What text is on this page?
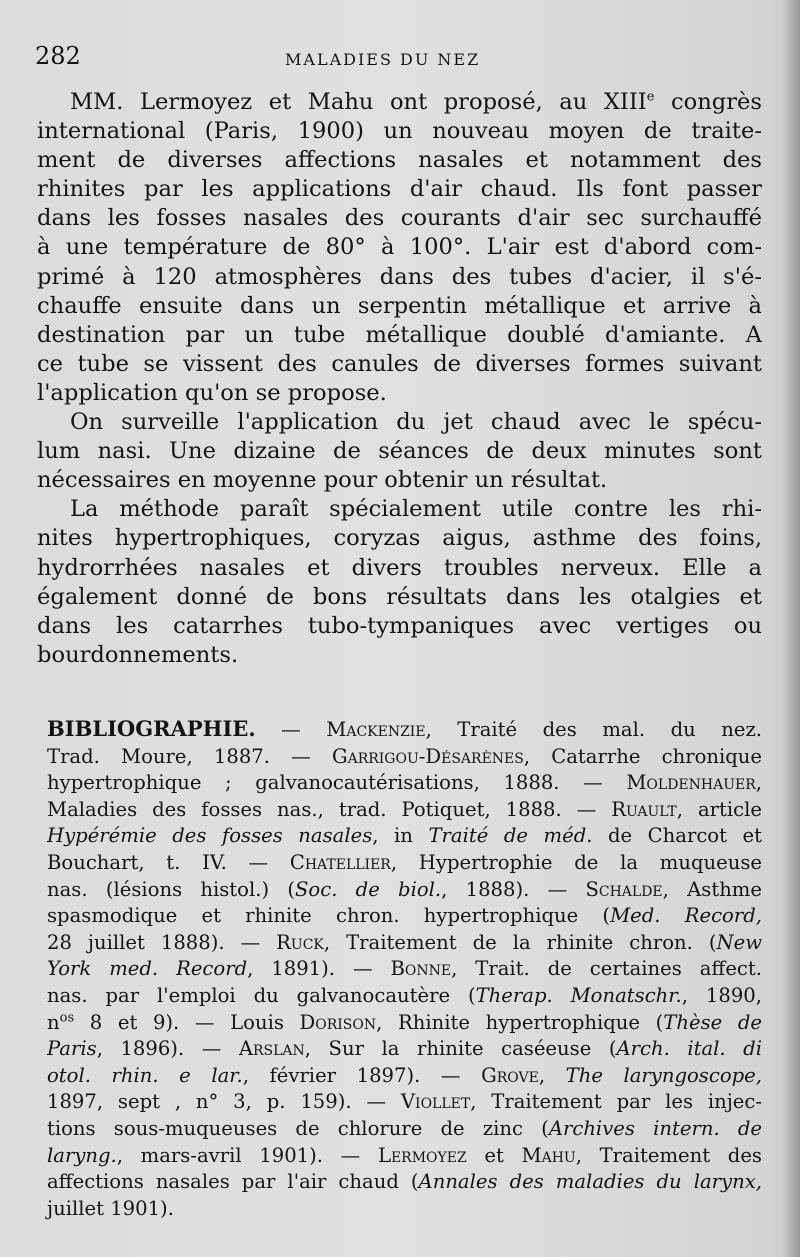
282	MALADIES DU NEZ
MM. Lermoyez et Mahu ont proposé, au XIIIe congrès
international (Paris, 1900) un nouveau moyen de traite-
ment de diverses affections nasales et notamment des
rhinites par les applications d'air chaud. Ils font passer
dans les fosses nasales des courants d'air sec surchauffé
à une température de 80° à 100°. L'air est d'abord com-
primé à 120 atmosphères dans des tubes d'acier, il s'é-
chauffe ensuite dans un serpentin métallique et arrive à
destination par un tube métallique doublé d'amiante. A
ce tube se vissent des canules de diverses formes suivant
l'application qu'on se propose.
On surveille l'application du jet chaud avec le spécu-
lum nasi. Une dizaine de séances de deux minutes sont
nécessaires en moyenne pour obtenir un résultat.
La méthode paraît spécialement utile contre les rhi-
nites hypertrophiques, coryzas aigus, asthme des foins,
hydrorrhées nasales et divers troubles nerveux. Elle a
également donné de bons résultats dans les otalgies et
dans les catarrhes tubo-tympaniques avec vertiges ou
bourdonnements.
BIBLIOGRAPHIE. — Mackenzie, Traité des mal. du nez.
Trad. Moure, 1887. — Garrigou-Désarènes, Catarrhe chronique
hypertrophique ; galvanocautérisations, 1888. — Moldenhauer,
Maladies des fosses nas., trad. Potiquet, 1888. — Ruault, article
Hypérémie des fosses nasales, in Traité de méd. de Charcot et
Bouchart, t. IV. — Chatellier, Hypertrophie de la muqueuse
nas. (lésions histol.) (Soc. de biol., 1888). — Schalde, Asthme
spasmodique et rhinite chron. hypertrophique (Med. Record,
28 juillet 1888). — Ruck, Traitement de la rhinite chron. (New
York med. Record, 1891). — Bonne, Trait. de certaines affect.
nas. par l'emploi du galvanocautère (Therap. Monatschr., 1890,
$n^{os}$ 8 et 9). — Louis Dorison, Rhinite hypertrophique (Thèse de
Paris, 1896). — Arslan, Sur la rhinite caséeuse (Arch. ital. di
otol. rhin. e lar., février 1897). — Grove, The laryngoscope,
1897, sept , n° 3, p. 159). — Viollet, Traitement par les injec-
tions sous-muqueuses de chlorure de zinc (Archives intern. de
laryng., mars-avril 1901). — Lermoyez et Mahu, Traitement des
affections nasales par l'air chaud (Annales des maladies du larynx,
juillet 1901).
